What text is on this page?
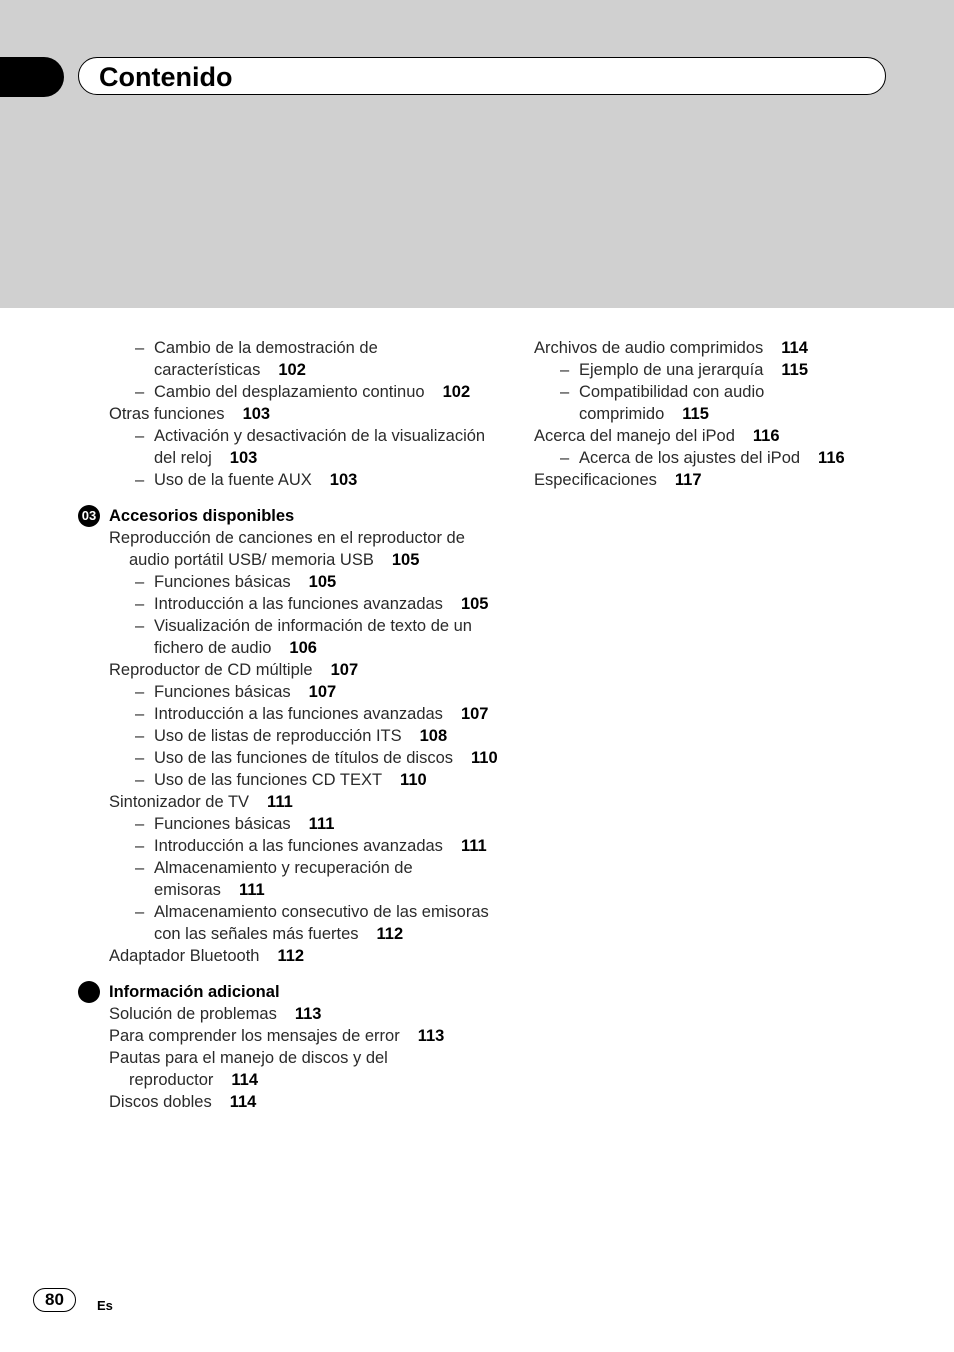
Contenido
– Cambio de la demostración de características 102
– Cambio del desplazamiento continuo 102
Otras funciones 103
– Activación y desactivación de la visualización del reloj 103
– Uso de la fuente AUX 103
03 Accesorios disponibles
Reproducción de canciones en el reproductor de audio portátil USB/ memoria USB 105
– Funciones básicas 105
– Introducción a las funciones avanzadas 105
– Visualización de información de texto de un fichero de audio 106
Reproductor de CD múltiple 107
– Funciones básicas 107
– Introducción a las funciones avanzadas 107
– Uso de listas de reproducción ITS 108
– Uso de las funciones de títulos de discos 110
– Uso de las funciones CD TEXT 110
Sintonizador de TV 111
– Funciones básicas 111
– Introducción a las funciones avanzadas 111
– Almacenamiento y recuperación de emisoras 111
– Almacenamiento consecutivo de las emisoras con las señales más fuertes 112
Adaptador Bluetooth 112
Información adicional
Solución de problemas 113
Para comprender los mensajes de error 113
Pautas para el manejo de discos y del reproductor 114
Discos dobles 114
Archivos de audio comprimidos 114
– Ejemplo de una jerarquía 115
– Compatibilidad con audio comprimido 115
Acerca del manejo del iPod 116
– Acerca de los ajustes del iPod 116
Especificaciones 117
80	Es
